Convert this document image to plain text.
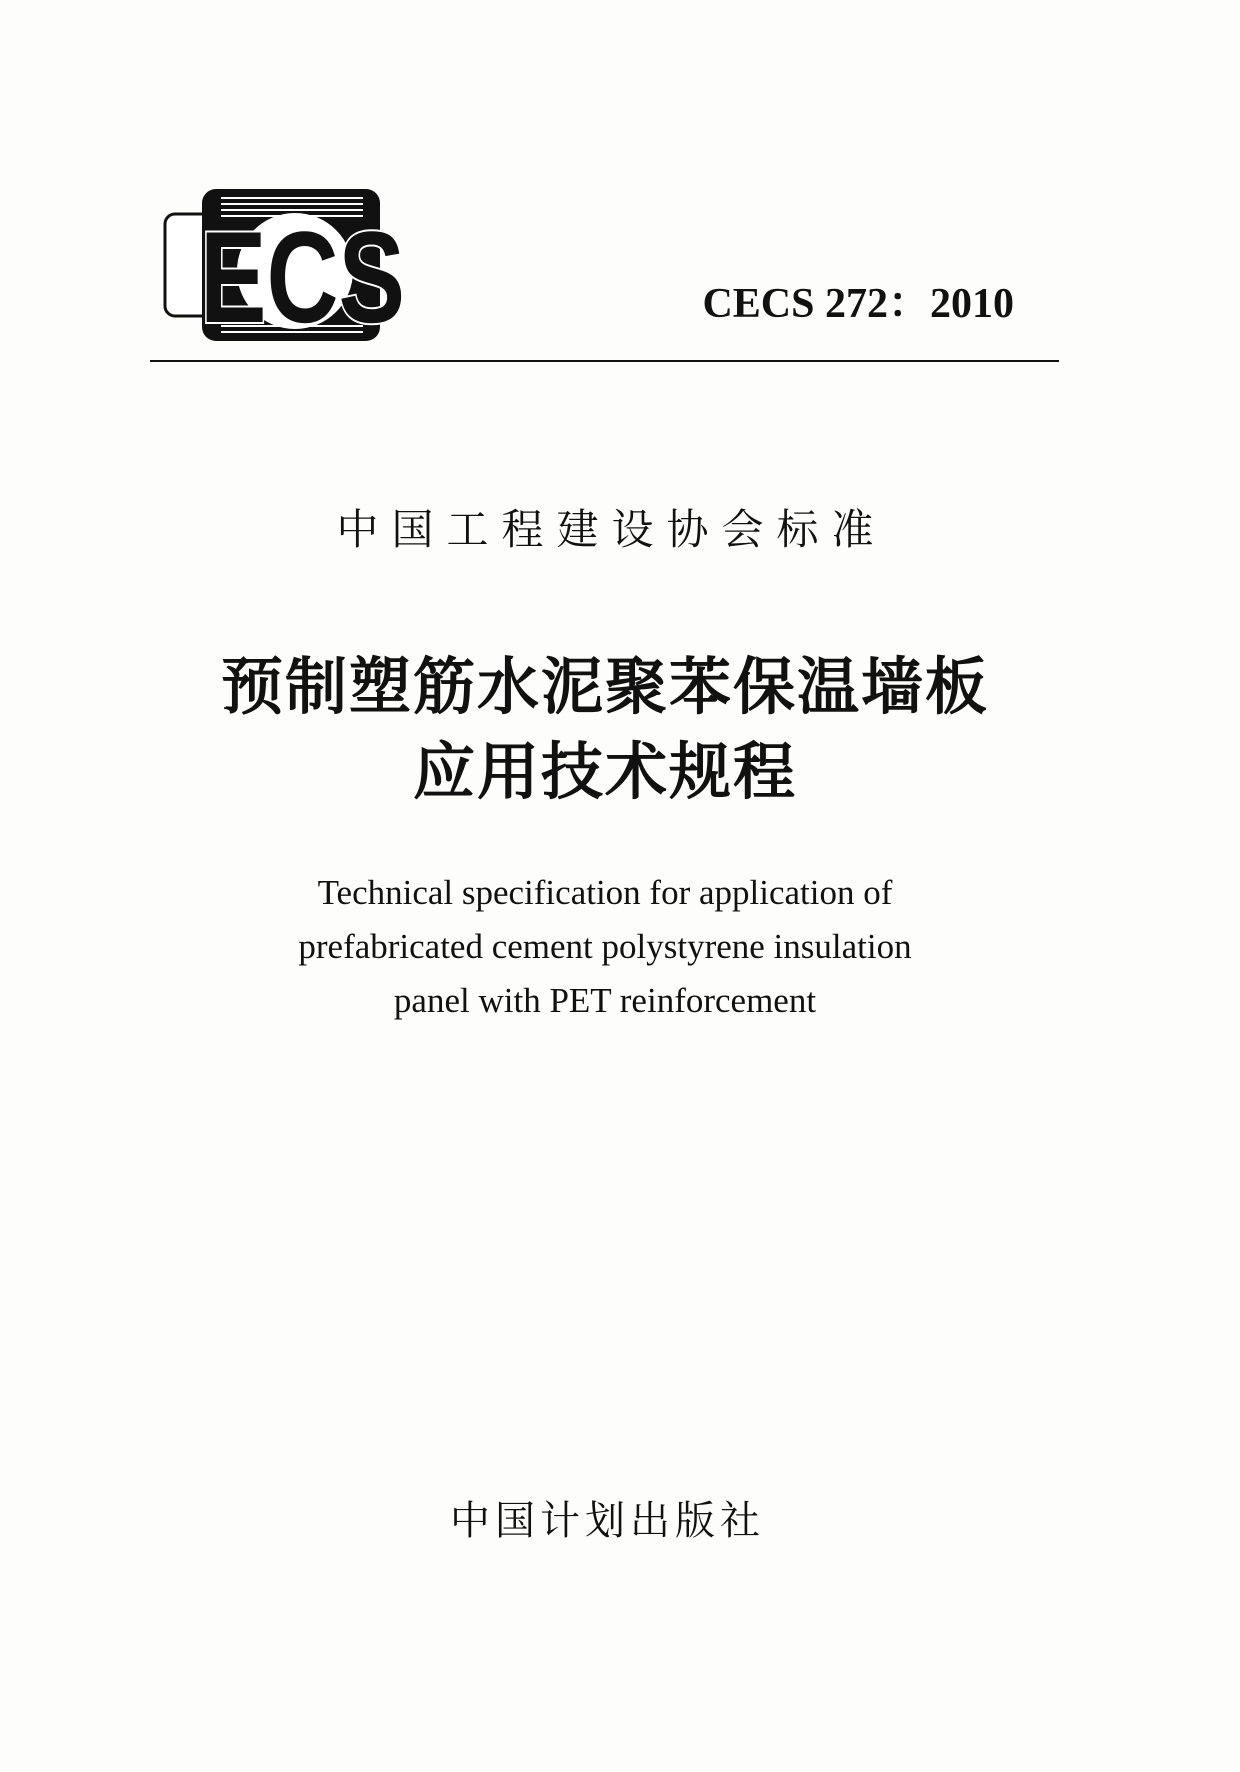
ECS	CECS 272：2010
中国工程建设协会标准
预制塑筋水泥聚苯保温墙板
应用技术规程
Technical specification for application of
prefabricated cement polystyrene insulation
panel with PET reinforcement
中国计划出版社
